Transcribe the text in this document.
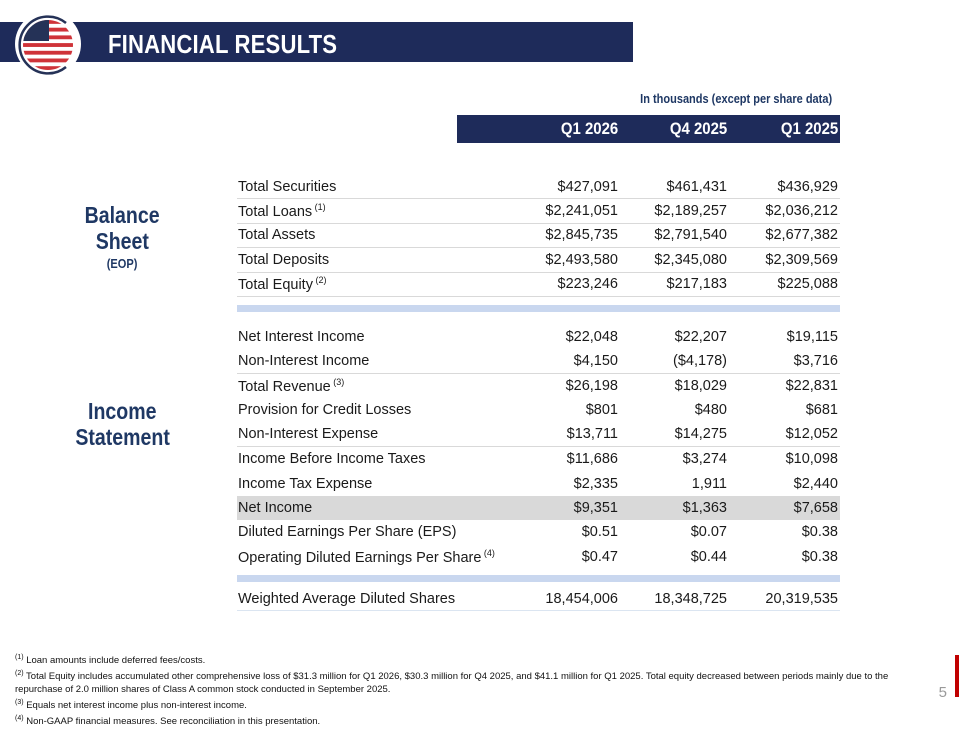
FINANCIAL RESULTS
In thousands (except per share data)
Q1 2026	Q4 2025	Q1 2025
Balance
Sheet
(EOP)
Income
Statement
Total Securities	$427,091	$461,431	$436,929
Total Loans $^{(1)}$	$2,241,051	$2,189,257	$2,036,212
Total Assets	$2,845,735	$2,791,540	$2,677,382
Total Deposits	$2,493,580	$2,345,080	$2,309,569
Total Equity $^{(2)}$	$223,246	$217,183	$225,088
Net Interest Income	$22,048	$22,207	$19,115
Non-Interest Income	$4,150	($4,178)	$3,716
Total Revenue $^{(3)}$	$26,198	$18,029	$22,831
Provision for Credit Losses	$801	$480	$681
Non-Interest Expense	$13,711	$14,275	$12,052
Income Before Income Taxes	$11,686	$3,274	$10,098
Income Tax Expense	$2,335	1,911	$2,440
Net Income	$9,351	$1,363	$7,658
Diluted Earnings Per Share (EPS)	$0.51	$0.07	$0.38
Operating Diluted Earnings Per Share $^{(4)}$	$0.47	$0.44	$0.38
Weighted Average Diluted Shares	18,454,006	18,348,725	20,319,535
$^{(1)}$ Loan amounts include deferred fees/costs.
$^{(2)}$ Total Equity includes accumulated other comprehensive loss of $31.3 million for Q1 2026, $30.3 million for Q4 2025, and $41.1 million for Q1 2025. Total equity decreased between periods mainly due to the repurchase of 2.0 million shares of Class A common stock conducted in September 2025.
$^{(3)}$ Equals net interest income plus non-interest income.
$^{(4)}$ Non-GAAP financial measures. See reconciliation in this presentation.
5
